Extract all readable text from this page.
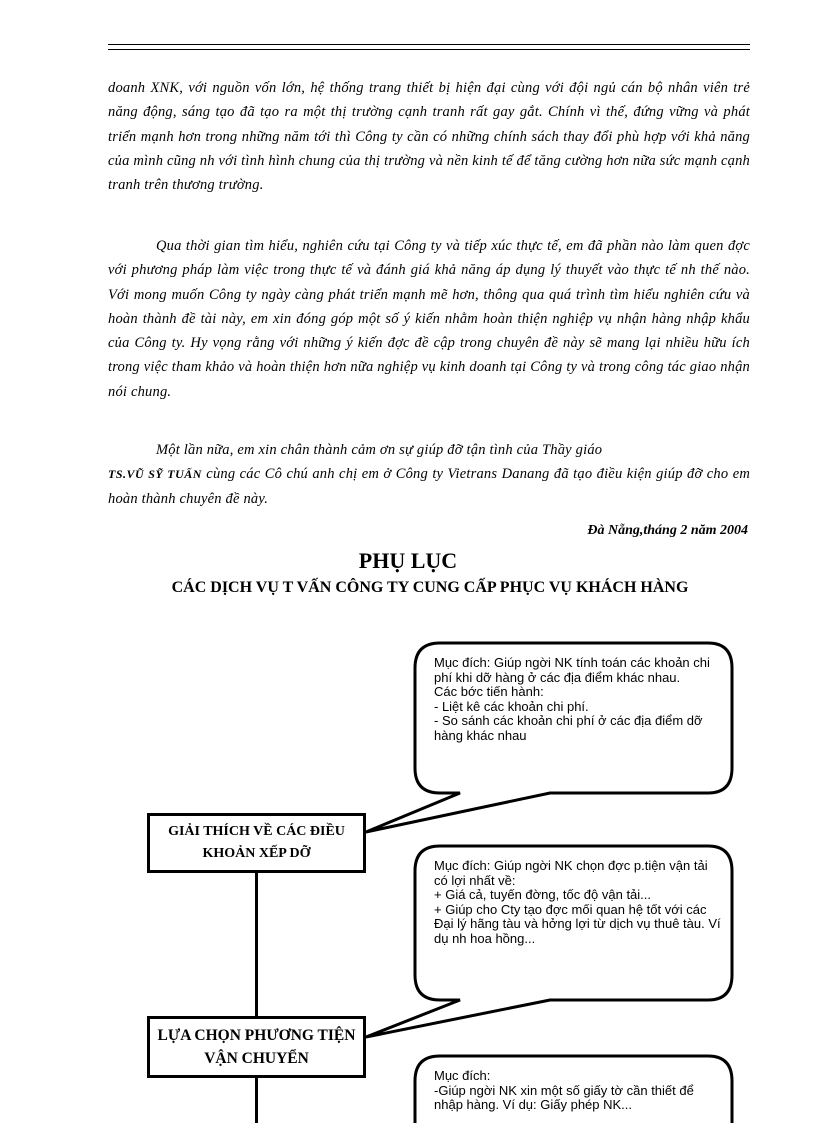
doanh XNK, với nguồn vốn lớn, hệ thống trang thiết bị hiện đại cùng với đội ngủ cán bộ nhân viên trẻ năng động, sáng tạo đã tạo ra một thị trường cạnh tranh rất gay gắt. Chính vì thế, đứng vững và phát triển mạnh hơn trong những năm tới thì Công ty cần có những chính sách thay đổi phù hợp với khả năng của mình cũng nh với tình hình chung của thị trường và nền kinh tế để tăng cường hơn nữa sức mạnh cạnh tranh trên thương trường.

Qua thời gian tìm hiểu, nghiên cứu tại Công ty và tiếp xúc thực tế, em đã phần nào làm quen đợc với phương pháp làm việc trong thực tế và đánh giá khả năng áp dụng lý thuyết vào thực tế nh thế nào. Với mong muốn Công ty ngày càng phát triển mạnh mẽ hơn, thông qua quá trình tìm hiểu nghiên cứu và hoàn thành đề tài này, em xin đóng góp một số ý kiến nhằm hoàn thiện nghiệp vụ nhận hàng nhập khẩu của Công ty. Hy vọng rằng với những ý kiến đợc đề cập trong chuyên đề này sẽ mang lại nhiều hữu ích trong việc tham khảo và hoàn thiện hơn nữa nghiệp vụ kinh doanh tại Công ty và trong công tác giao nhận nói chung.

Một lần nữa, em xin chân thành cảm ơn sự giúp đỡ tận tình của Thầy giáo
TS.VŨ SỸ TUẤN cùng các Cô chú anh chị em ở Công ty Vietrans Danang đã tạo điều kiện giúp đỡ cho em hoàn thành chuyên đề này.

Đà Nẵng,tháng 2 năm 2004
PHỤ LỤC
CÁC DỊCH VỤ T VẤN CÔNG TY CUNG CẤP PHỤC VỤ KHÁCH HÀNG
GIẢI THÍCH VỀ CÁC ĐIỀU KHOẢN XẾP DỠ
LỰA CHỌN PHƯƠNG TIỆN VẬN CHUYỂN
Mục đích: Giúp ngời NK tính toán các khoản chi phí khi dỡ hàng ở các địa điểm khác nhau.
Các bớc tiến hành:
- Liệt kê các khoản chi phí.
- So sánh các khoản chi phí ở các địa điểm dỡ hàng khác nhau
Mục đích: Giúp ngời NK chọn đợc p.tiện vận tải có lợi nhất về:
+ Giá cả, tuyến đờng, tốc độ vận tải...
+ Giúp cho Cty tạo đợc mối quan hệ tốt với các Đại lý hãng tàu và hởng lợi từ dịch vụ thuê tàu. Ví dụ nh hoa hồng...
Mục đích:
-Giúp ngời NK xin một số giấy tờ cần thiết để nhập hàng. Ví dụ: Giấy phép NK...
